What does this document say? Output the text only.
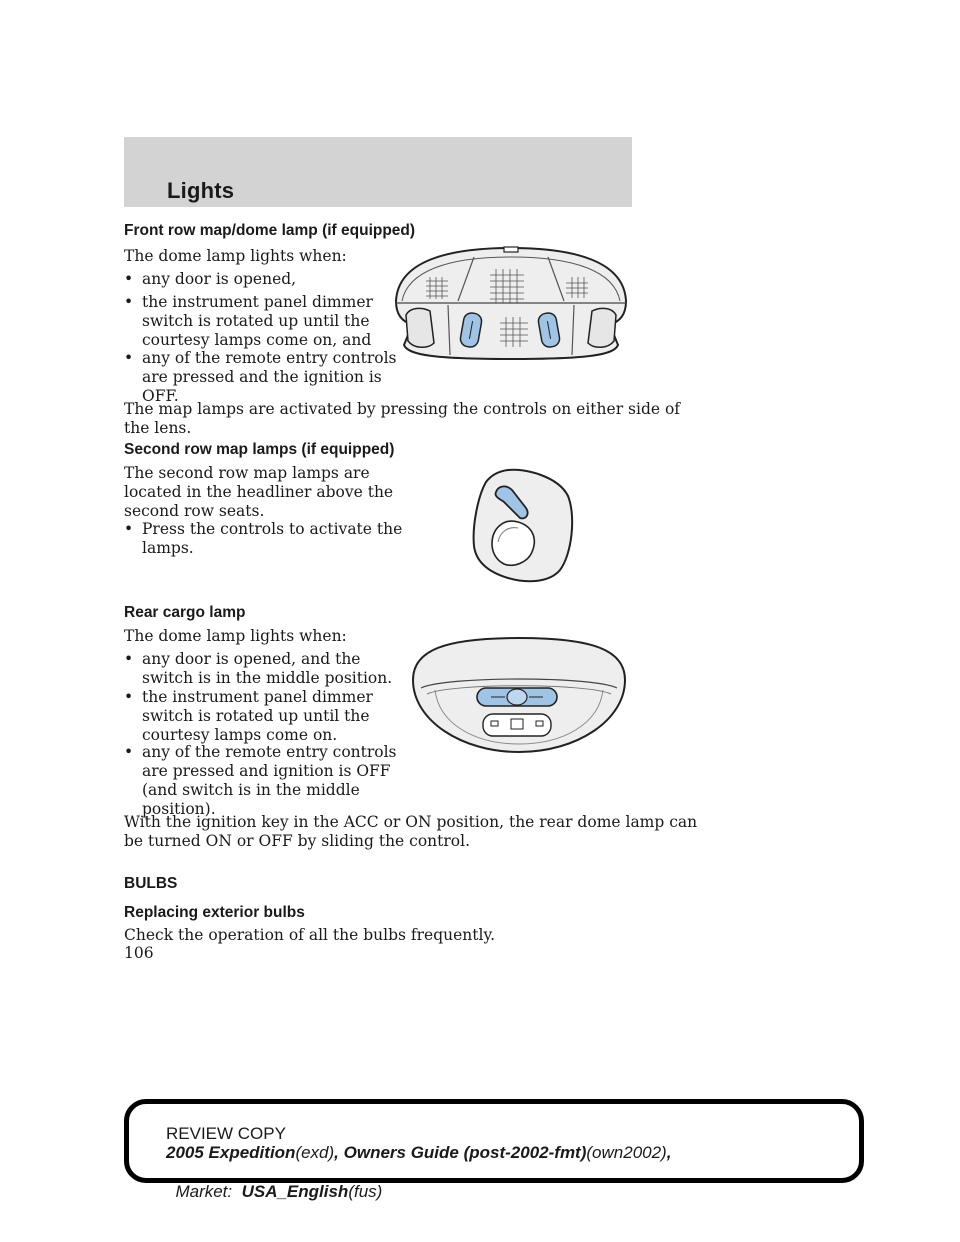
Lights
Front row map/dome lamp (if equipped)
The dome lamp lights when:
• any door is opened,
• the instrument panel dimmer
switch is rotated up until the
courtesy lamps come on, and
• any of the remote entry controls
are pressed and the ignition is
OFF.
The map lamps are activated by pressing the controls on either side of
the lens.
Second row map lamps (if equipped)
The second row map lamps are
located in the headliner above the
second row seats.
• Press the controls to activate the
lamps.
Rear cargo lamp
The dome lamp lights when:
• any door is opened, and the
switch is in the middle position.
• the instrument panel dimmer
switch is rotated up until the
courtesy lamps come on.
• any of the remote entry controls
are pressed and ignition is OFF
(and switch is in the middle
position).
With the ignition key in the ACC or ON position, the rear dome lamp can
be turned ON or OFF by sliding the control.
BULBS
Replacing exterior bulbs
Check the operation of all the bulbs frequently.
106
REVIEW COPY
2005 Expedition(exd), Owners Guide (post-2002-fmt)(own2002),

Market:  USA_English(fus)
